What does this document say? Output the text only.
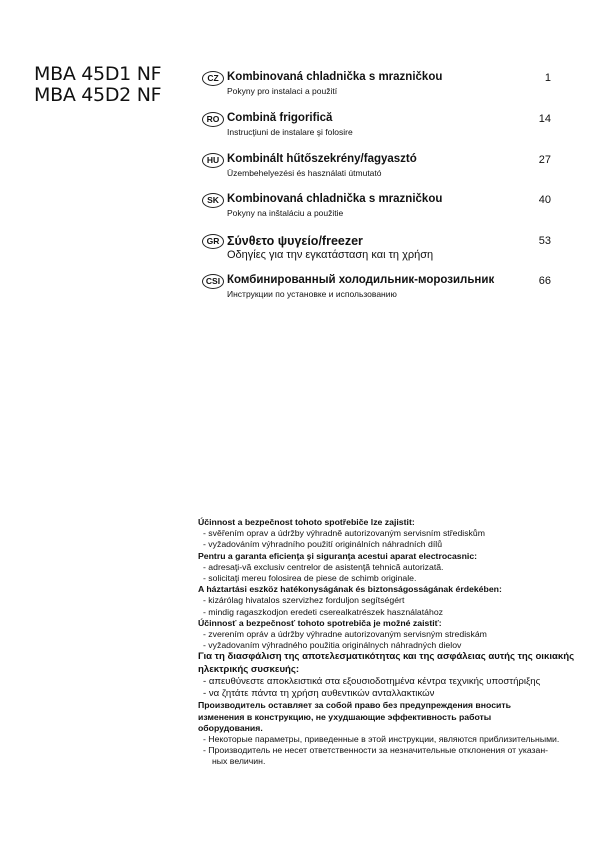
MBA 45D1 NF
MBA 45D2 NF
CZ Kombinovaná chladnička s mrazničkou
Pokyny pro instalaci a použití
1
RO Combină frigorifică
Instrucţiuni de instalare şi folosire
14
HU Kombinált hűtőszekrény/fagyasztó
Üzembehelyezési és használati útmutató
27
SK Kombinovaná chladnička s mrazničkou
Pokyny na inštaláciu a použitie
40
GR Σύνθετο ψυγείο/freezer
Οδηγίες για την εγκατάσταση και τη χρήση
53
CSI Комбинированный холодильник-морозильник
Инструкции по установке и использованию
66
Účinnost a bezpečnost tohoto spotřebiče lze zajistit:
- svěřením oprav a údržby výhradně autorizovaným servisním střediskům
- vyžadováním výhradního použití originálních náhradních dílů
Pentru a garanta eficienţa şi siguranţa acestui aparat electrocasnic:
- adresaţi-vă exclusiv centrelor de asistenţă tehnică autorizată.
- solicitaţi mereu folosirea de piese de schimb originale.
A háztartási eszköz hatékonyságának és biztonságosságának érdekében:
- kizárólag hivatalos szervizhez forduljon segítségért
- mindig ragaszkodjon eredeti cserealkatrészek használatához
Účinnosť a bezpečnosť tohoto spotrebiča je možné zaistiť:
- zverením opráv a údržby výhradne autorizovaným servisným strediskám
- vyžadovaním výhradného použitia originálnych náhradných dielov
Για τη διασφάλιση της αποτελεσματικότητας και της ασφάλειας αυτής της οικιακής ηλεκτρικής συσκευής:
- απευθύνεστε αποκλειστικά στα εξουσιοδοτημένα κέντρα τεχνικής υποστήριξης
- να ζητάτε πάντα τη χρήση αυθεντικών ανταλλακτικών
Производитель оставляет за собой право без предупреждения вносить изменения в конструкцию, не ухудшающие эффективность работы оборудования.
- Некоторые параметры, приведенные в этой инструкции, являются приблизительными.
- Производитель не несет ответственности за незначительные отклонения от указан-
ных величин.
